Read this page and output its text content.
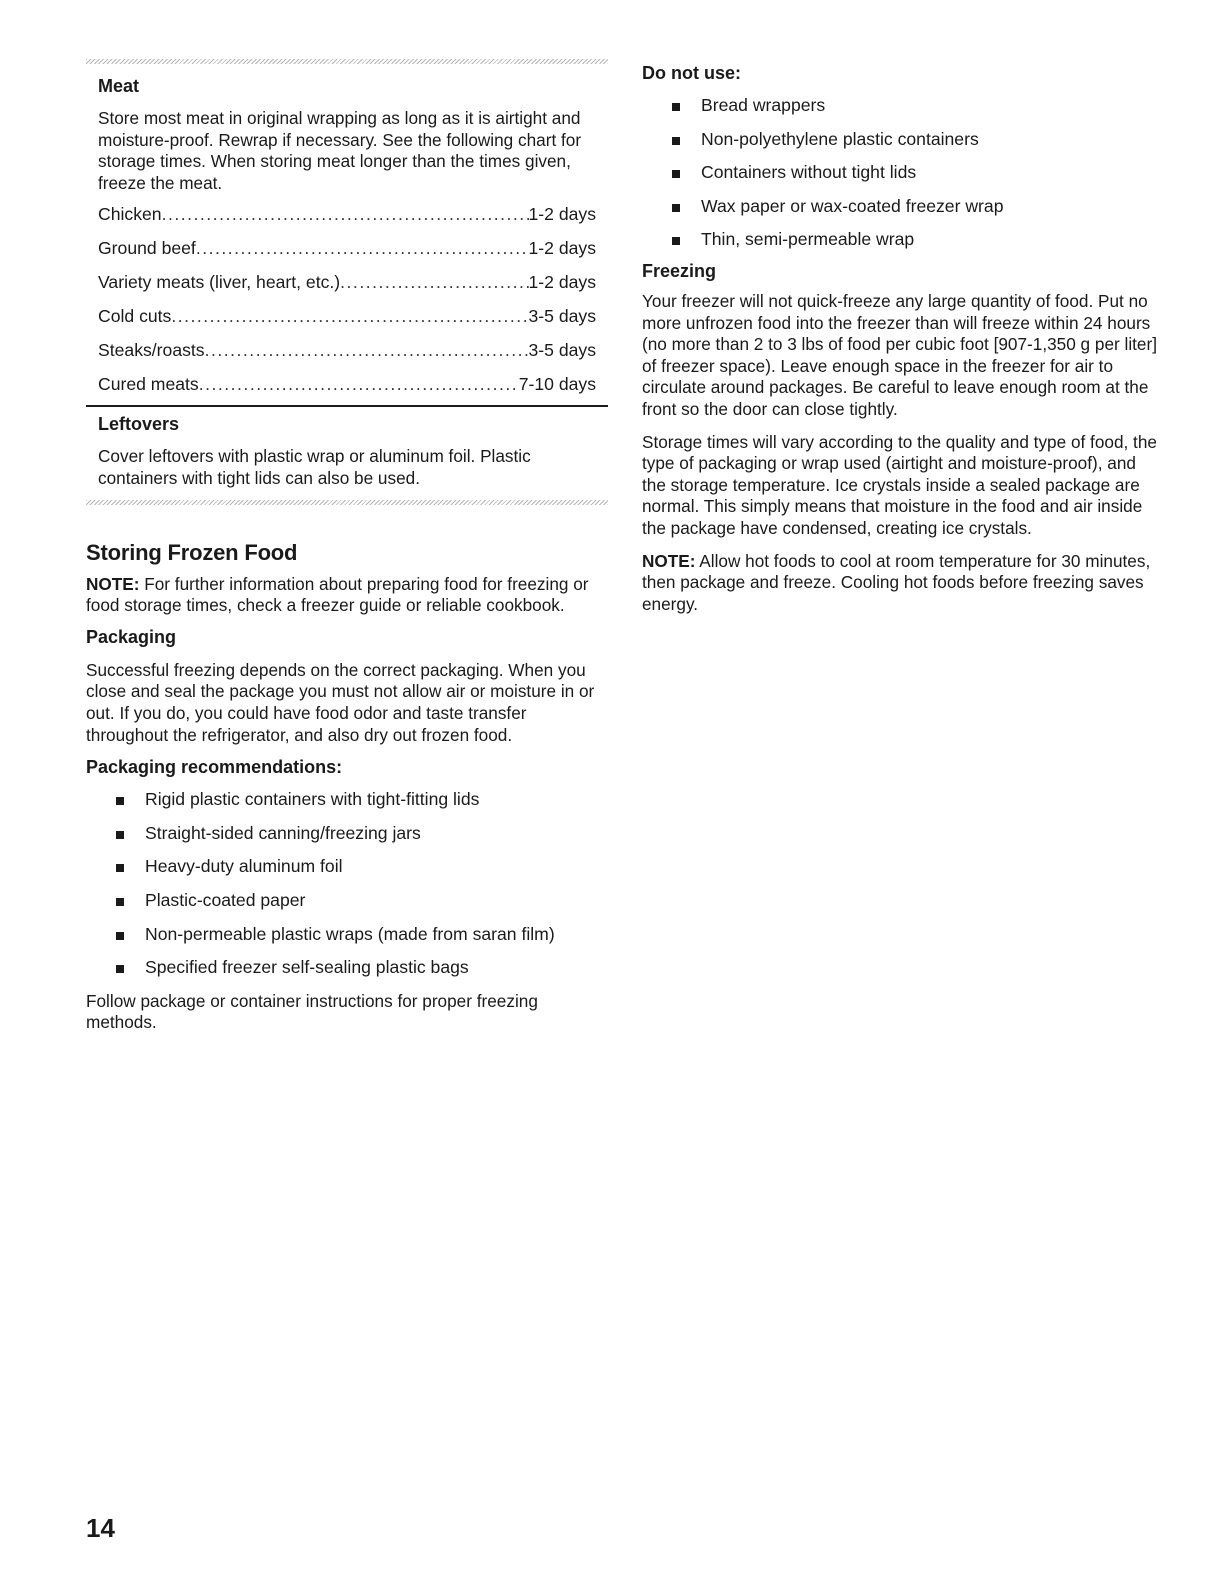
Meat

Store most meat in original wrapping as long as it is airtight and moisture-proof. Rewrap if necessary. See the following chart for storage times. When storing meat longer than the times given, freeze the meat.

Chicken .....	1-2 days
Ground beef .....	1-2 days
Variety meats (liver, heart, etc.) .....	1-2 days
Cold cuts .....	3-5 days
Steaks/roasts .....	3-5 days
Cured meats .....	7-10 days
Leftovers

Cover leftovers with plastic wrap or aluminum foil. Plastic containers with tight lids can also be used.

Storing Frozen Food

NOTE: For further information about preparing food for freezing or food storage times, check a freezer guide or reliable cookbook.

Packaging

Successful freezing depends on the correct packaging. When you close and seal the package you must not allow air or moisture in or out. If you do, you could have food odor and taste transfer throughout the refrigerator, and also dry out frozen food.

Packaging recommendations:
Rigid plastic containers with tight-fitting lids
Straight-sided canning/freezing jars
Heavy-duty aluminum foil
Plastic-coated paper
Non-permeable plastic wraps (made from saran film)
Specified freezer self-sealing plastic bags

Follow package or container instructions for proper freezing methods.

Do not use:
Bread wrappers
Non-polyethylene plastic containers
Containers without tight lids
Wax paper or wax-coated freezer wrap
Thin, semi-permeable wrap
Freezing

Your freezer will not quick-freeze any large quantity of food. Put no more unfrozen food into the freezer than will freeze within 24 hours (no more than 2 to 3 lbs of food per cubic foot [907-1,350 g per liter] of freezer space). Leave enough space in the freezer for air to circulate around packages. Be careful to leave enough room at the front so the door can close tightly.

Storage times will vary according to the quality and type of food, the type of packaging or wrap used (airtight and moisture-proof), and the storage temperature. Ice crystals inside a sealed package are normal. This simply means that moisture in the food and air inside the package have condensed, creating ice crystals.

NOTE: Allow hot foods to cool at room temperature for 30 minutes, then package and freeze. Cooling hot foods before freezing saves energy.

14
